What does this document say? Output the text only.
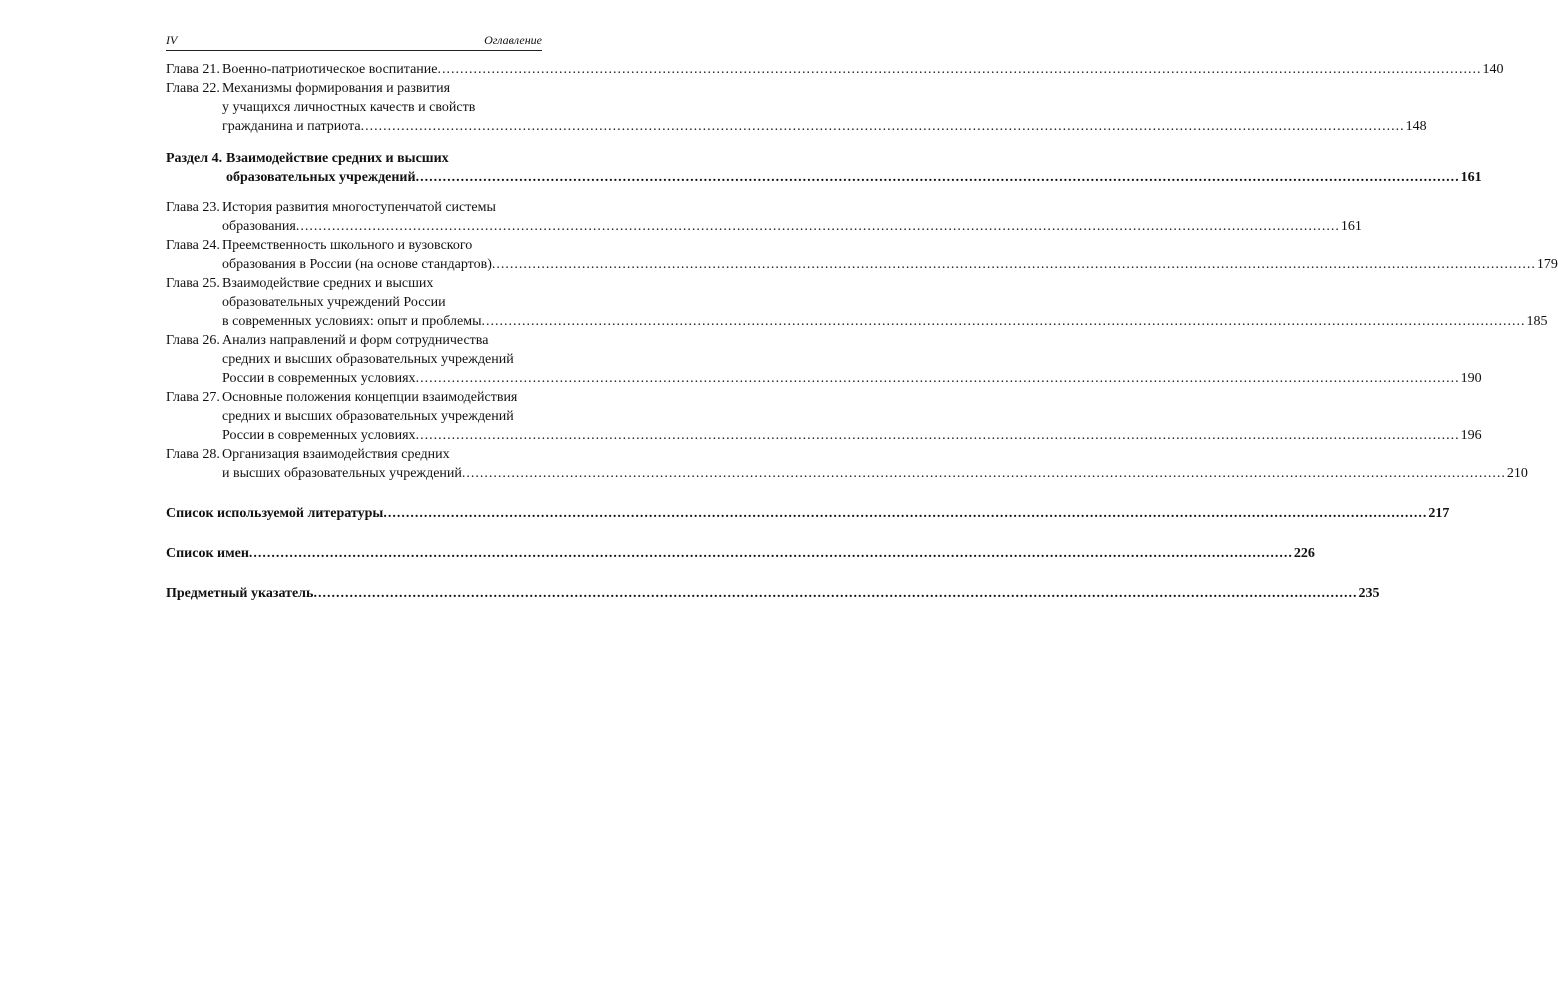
IV	Оглавление
Глава 21. Военно-патриотическое воспитание .....	140
Глава 22. Механизмы формирования и развития
у учащихся личностных качеств и свойств
гражданина и патриота .....	148
Раздел 4. Взаимодействие средних и высших
образовательных учреждений .....	161
Глава 23. История развития многоступенчатой системы
образования .....	161
Глава 24. Преемственность школьного и вузовского
образования в России (на основе стандартов) .....	179
Глава 25. Взаимодействие средних и высших
образовательных учреждений России
в современных условиях: опыт и проблемы .....	185
Глава 26. Анализ направлений и форм сотрудничества
средних и высших образовательных учреждений
России в современных условиях .....	190
Глава 27. Основные положения концепции взаимодействия
средних и высших образовательных учреждений
России в современных условиях .....	196
Глава 28. Организация взаимодействия средних
и высших образовательных учреждений .....	210
Список используемой литературы .....	217
Список имен .....	226
Предметный указатель .....	235
